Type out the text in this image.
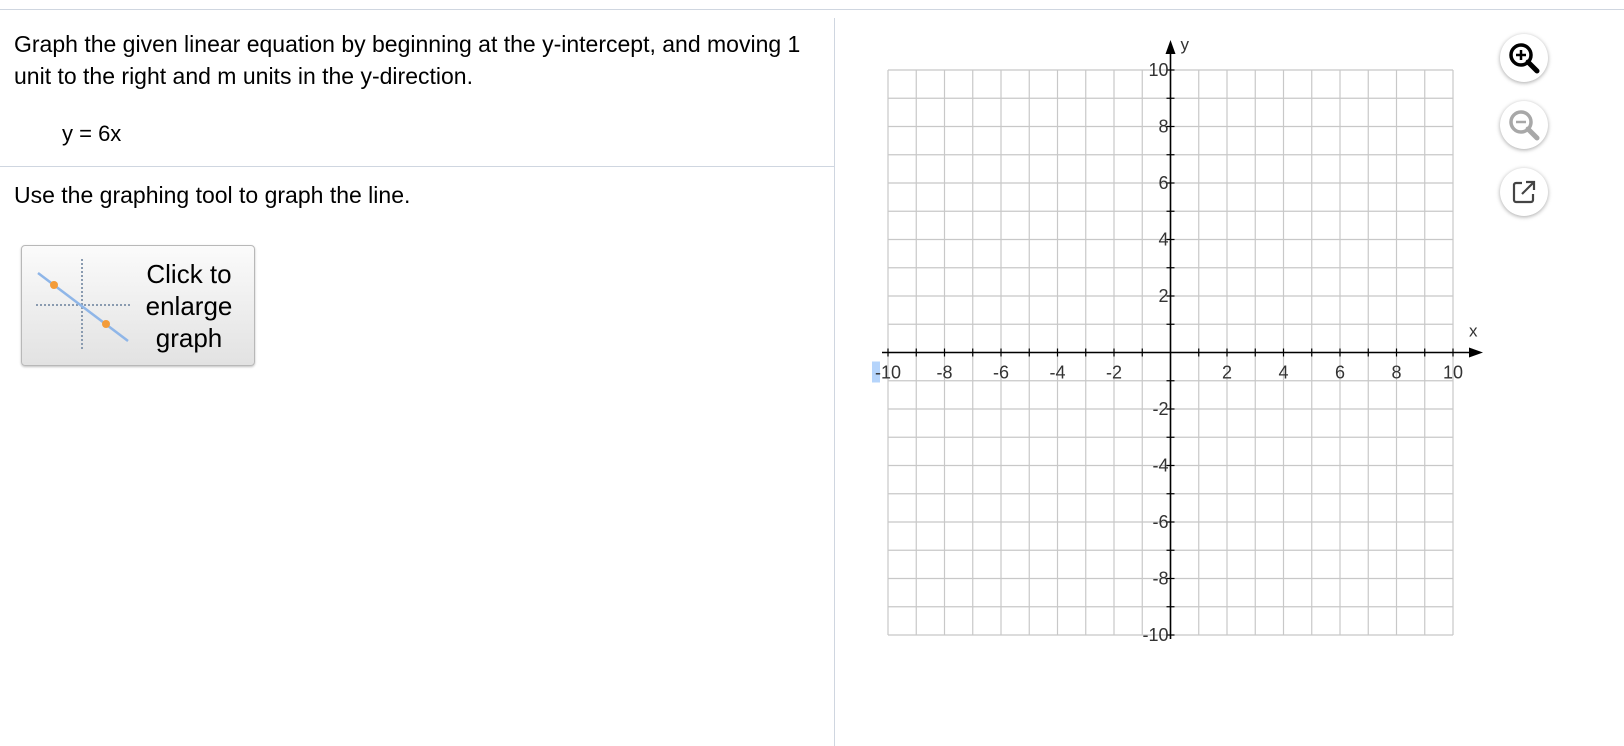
Graph the given linear equation by beginning at the y-intercept, and moving 1 unit to the right and m units in the y-direction.

y = 6x
Use the graphing tool to graph the line.
Click to
enlarge
graph	x
y
-10 -8 -6 -4 -2	2	4	6	8 10
10
8
6
4
2
-2
-4
-6
-8
-10
